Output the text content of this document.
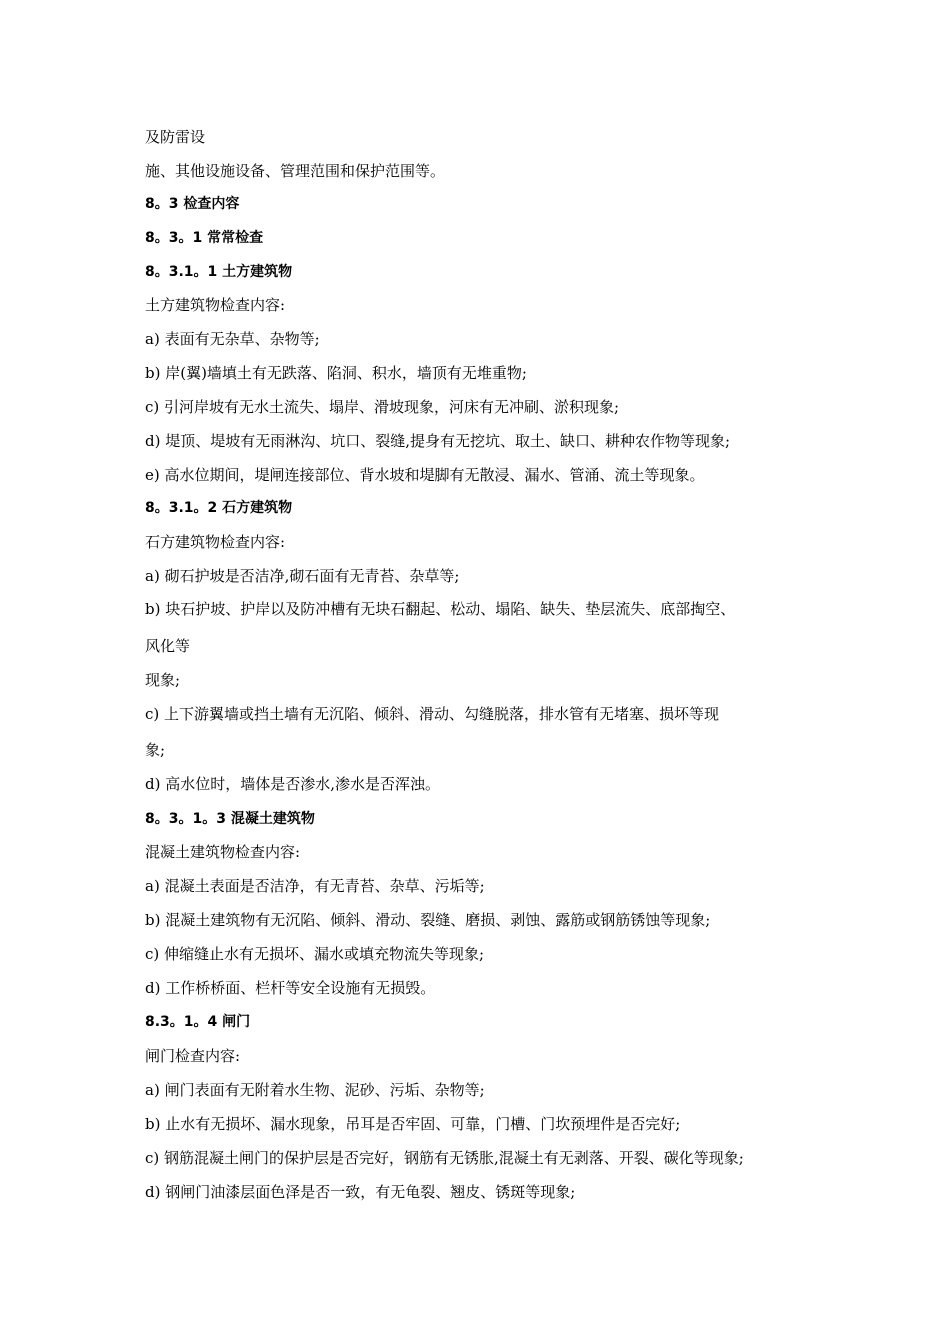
及防雷设
施、其他设施设备、管理范围和保护范围等。
8。3 检查内容
8。3。1 常常检查
8。3.1。1 土方建筑物
土方建筑物检查内容:
a) 表面有无杂草、杂物等;
b) 岸(翼)墙填土有无跌落、陷洞、积水，墙顶有无堆重物;
c) 引河岸坡有无水土流失、塌岸、滑坡现象，河床有无冲刷、淤积现象;
d) 堤顶、堤坡有无雨淋沟、坑口、裂缝,提身有无挖坑、取土、缺口、耕种农作物等现象;
e) 高水位期间，堤闸连接部位、背水坡和堤脚有无散浸、漏水、管涌、流土等现象。
8。3.1。2 石方建筑物
石方建筑物检查内容:
a) 砌石护坡是否洁净,砌石面有无青苔、杂草等;
b) 块石护坡、护岸以及防冲槽有无块石翻起、松动、塌陷、缺失、垫层流失、底部掏空、
风化等
现象;
c) 上下游翼墙或挡土墙有无沉陷、倾斜、滑动、勾缝脱落，排水管有无堵塞、损坏等现
象;
d) 高水位时，墙体是否渗水,渗水是否浑浊。
8。3。1。3 混凝土建筑物
混凝土建筑物检查内容:
a) 混凝土表面是否洁净，有无青苔、杂草、污垢等;
b) 混凝土建筑物有无沉陷、倾斜、滑动、裂缝、磨损、剥蚀、露筋或钢筋锈蚀等现象;
c) 伸缩缝止水有无损坏、漏水或填充物流失等现象;
d) 工作桥桥面、栏杆等安全设施有无损毁。
8.3。1。4 闸门
闸门检查内容:
a) 闸门表面有无附着水生物、泥砂、污垢、杂物等;
b) 止水有无损坏、漏水现象，吊耳是否牢固、可靠，门槽、门坎预埋件是否完好;
c) 钢筋混凝土闸门的保护层是否完好，钢筋有无锈胀,混凝土有无剥落、开裂、碳化等现象;
d) 钢闸门油漆层面色泽是否一致，有无龟裂、翘皮、锈斑等现象;
